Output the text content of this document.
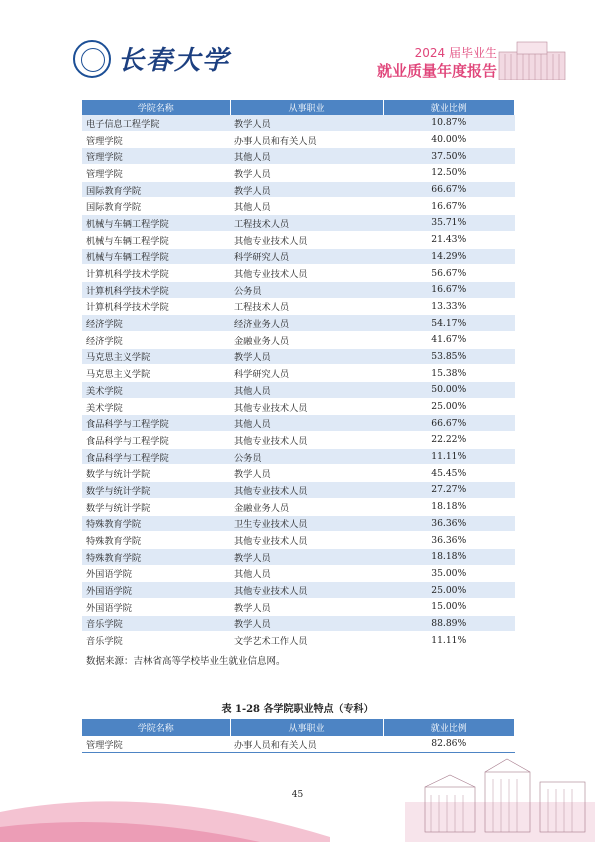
长春大学	2024 届毕业生
就业质量年度报告
学院名称	从事职业	就业比例
电子信息工程学院	教学人员	10.87%
管理学院	办事人员和有关人员	40.00%
管理学院	其他人员	37.50%
管理学院	教学人员	12.50%
国际教育学院	教学人员	66.67%
国际教育学院	其他人员	16.67%
机械与车辆工程学院	工程技术人员	35.71%
机械与车辆工程学院	其他专业技术人员	21.43%
机械与车辆工程学院	科学研究人员	14.29%
计算机科学技术学院	其他专业技术人员	56.67%
计算机科学技术学院	公务员	16.67%
计算机科学技术学院	工程技术人员	13.33%
经济学院	经济业务人员	54.17%
经济学院	金融业务人员	41.67%
马克思主义学院	教学人员	53.85%
马克思主义学院	科学研究人员	15.38%
美术学院	其他人员	50.00%
美术学院	其他专业技术人员	25.00%
食品科学与工程学院	其他人员	66.67%
食品科学与工程学院	其他专业技术人员	22.22%
食品科学与工程学院	公务员	11.11%
数学与统计学院	教学人员	45.45%
数学与统计学院	其他专业技术人员	27.27%
数学与统计学院	金融业务人员	18.18%
特殊教育学院	卫生专业技术人员	36.36%
特殊教育学院	其他专业技术人员	36.36%
特殊教育学院	教学人员	18.18%
外国语学院	其他人员	35.00%
外国语学院	其他专业技术人员	25.00%
外国语学院	教学人员	15.00%
音乐学院	教学人员	88.89%
音乐学院	文学艺术工作人员	11.11%
数据来源：吉林省高等学校毕业生就业信息网。
表 1-28 各学院职业特点（专科）
学院名称	从事职业	就业比例
管理学院	办事人员和有关人员	82.86%
45
